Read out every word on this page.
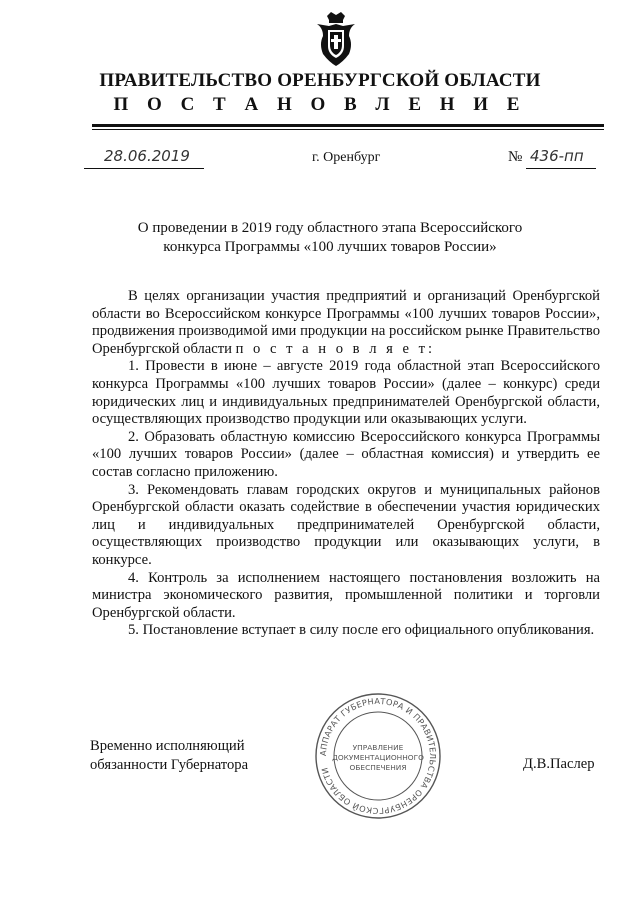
ПРАВИТЕЛЬСТВО ОРЕНБУРГСКОЙ ОБЛАСТИ
П О С Т А Н О В Л Е Н И Е
28.06.2019	г. Оренбург	№ 436-пп
О проведении в 2019 году областного этапа Всероссийского
конкурса Программы «100 лучших товаров России»

В целях организации участия предприятий и организаций Оренбургской области во Всероссийском конкурсе Программы «100 лучших товаров России», продвижения производимой ими продукции на российском рынке Правительство Оренбургской области п о с т а н о в л я е т:

1. Провести в июне – августе 2019 года областной этап Всероссийского конкурса Программы «100 лучших товаров России» (далее – конкурс) среди юридических лиц и индивидуальных предпринимателей Оренбургской области, осуществляющих производство продукции или оказывающих услуги.

2. Образовать областную комиссию Всероссийского конкурса Программы «100 лучших товаров России» (далее – областная комиссия) и утвердить ее состав согласно приложению.

3. Рекомендовать главам городских округов и муниципальных районов Оренбургской области оказать содействие в обеспечении участия юридических лиц и индивидуальных предпринимателей Оренбургской области, осуществляющих производство продукции или оказывающих услуги, в конкурсе.

4. Контроль за исполнением настоящего постановления возложить на министра экономического развития, промышленной политики и торговли Оренбургской области.

5. Постановление вступает в силу после его официального опубликования.

Временно исполняющий
обязанности Губернатора	Д.В.Паслер
АППАРАТ ГУБЕРНАТОРА И ПРАВИТЕЛЬСТВА ОРЕНБУРГСКОЙ ОБЛАСТИ
УПРАВЛЕНИЕ
ДОКУМЕНТАЦИОННОГО
ОБЕСПЕЧЕНИЯ
